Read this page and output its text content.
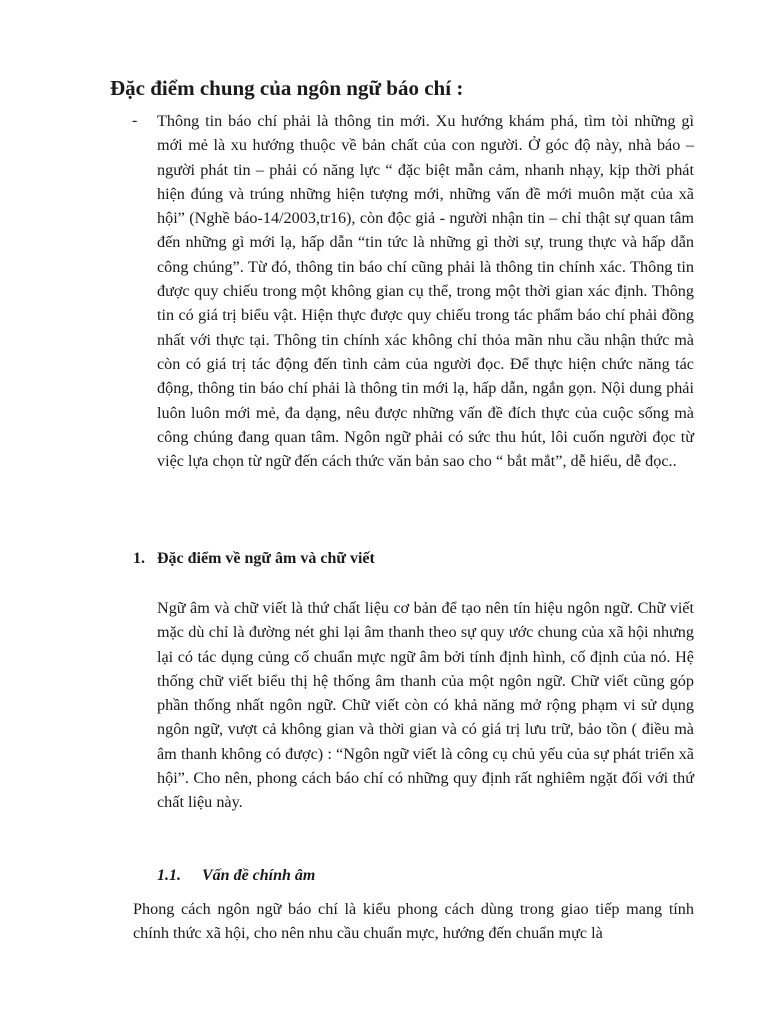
Đặc điểm chung của ngôn ngữ báo chí :
- Thông tin báo chí phải là thông tin mới. Xu hướng khám phá, tìm tòi những gì mới mẻ là xu hướng thuộc về bản chất của con người. Ở góc độ này, nhà báo – người phát tin – phải có năng lực “ đặc biệt mẫn cảm, nhanh nhạy, kịp thời phát hiện đúng và trúng những hiện tượng mới, những vấn đề mới muôn mặt của xã hội” (Nghề báo-14/2003,tr16), còn độc giả - người nhận tin – chỉ thật sự quan tâm đến những gì mới lạ, hấp dẫn “tin tức là những gì thời sự, trung thực và hấp dẫn công chúng”. Từ đó, thông tin báo chí cũng phải là thông tin chính xác. Thông tin được quy chiếu trong một không gian cụ thể, trong một thời gian xác định. Thông tin có giá trị biểu vật. Hiện thực được quy chiếu trong tác phẩm báo chí phải đồng nhất với thực tại. Thông tin chính xác không chỉ thỏa mãn nhu cầu nhận thức mà còn có giá trị tác động đến tình cảm của người đọc. Để thực hiện chức năng tác động, thông tin báo chí phải là thông tin mới lạ, hấp dẫn, ngắn gọn. Nội dung phải luôn luôn mới mẻ, đa dạng, nêu được những vấn đề đích thực của cuộc sống mà công chúng đang quan tâm. Ngôn ngữ phải có sức thu hút, lôi cuốn người đọc từ việc lựa chọn từ ngữ đến cách thức văn bản sao cho “ bắt mắt”, dễ hiểu, dễ đọc..

1. Đặc điểm về ngữ âm và chữ viết

Ngữ âm và chữ viết là thứ chất liệu cơ bản để tạo nên tín hiệu ngôn ngữ. Chữ viết mặc dù chỉ là đường nét ghi lại âm thanh theo sự quy ước chung của xã hội nhưng lại có tác dụng củng cố chuẩn mực ngữ âm bởi tính định hình, cố định của nó. Hệ thống chữ viết biểu thị hệ thống âm thanh của một ngôn ngữ. Chữ viết cũng góp phần thống nhất ngôn ngữ. Chữ viết còn có khả năng mở rộng phạm vi sử dụng ngôn ngữ, vượt cả không gian và thời gian và có giá trị lưu trữ, bảo tồn ( điều mà âm thanh không có được) : “Ngôn ngữ viết là công cụ chủ yếu của sự phát triển xã hội”. Cho nên, phong cách báo chí có những quy định rất nghiêm ngặt đối với thứ chất liệu này.

1.1. Vấn đề chính âm

Phong cách ngôn ngữ báo chí là kiểu phong cách dùng trong giao tiếp mang tính chính thức xã hội, cho nên nhu cầu chuẩn mực, hướng đến chuẩn mực là
